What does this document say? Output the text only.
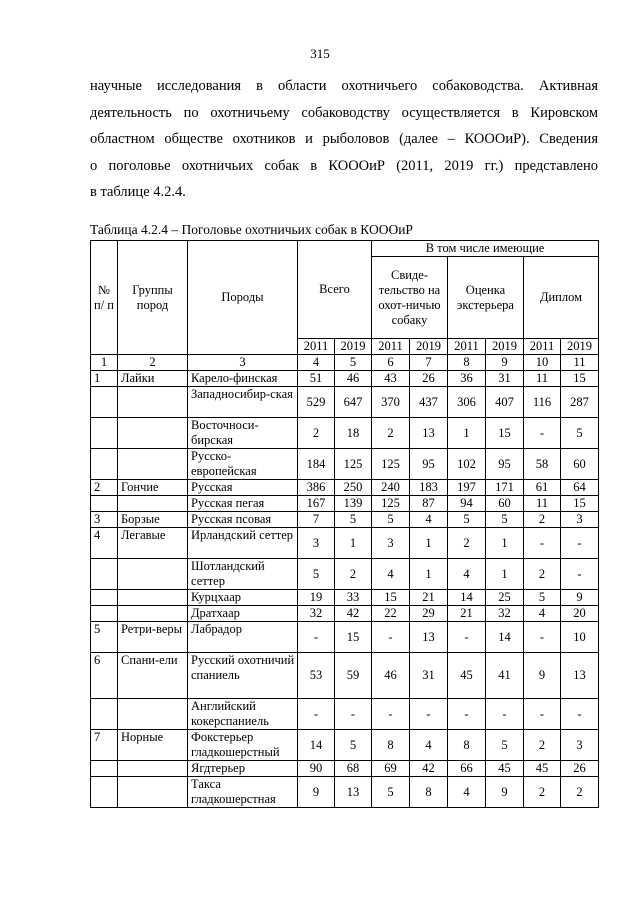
315
научные исследования в области охотничьего собаководства. Активная
деятельность по охотничьему собаководству осуществляется в Кировском
областном обществе охотников и рыболовов (далее – КОООиР). Сведения
о поголовье охотничьих собак в КОООиР (2011, 2019 гг.) представлено
в таблице 4.2.4.
Таблица 4.2.4 – Поголовье охотничьих собак в КОООиР
№ п/ п	Группы пород	Породы	Всего		В том числе имеющие					
					Свиде-тельство на охот-ничью собаку		Оценка экстерьера		Диплом	
			2011	2019	2011	2019	2011	2019	2011	2019
1	2	3	4	5	6	7	8	9	10	11
1	Лайки	Карело-финская	51	46	43	26	36	31	11	15
		Западносибир-ская	529	647	370	437	306	407	116	287
		Восточноси-бирская	2	18	2	13	1	15	-	5
		Русско-европейская	184	125	125	95	102	95	58	60
2	Гончие	Русская	386	250	240	183	197	171	61	64
		Русская пегая	167	139	125	87	94	60	11	15
3	Борзые	Русская псовая	7	5	5	4	5	5	2	3
4	Легавые	Ирландский сеттер	3	1	3	1	2	1	-	-
		Шотландский сеттер	5	2	4	1	4	1	2	-
		Курцхаар	19	33	15	21	14	25	5	9
		Дратхаар	32	42	22	29	21	32	4	20
5	Ретри-веры	Лабрадор	-	15	-	13	-	14	-	10
6	Спани-ели	Русский охотничий спаниель	53	59	46	31	45	41	9	13
		Английский кокерспаниель	-	-	-	-	-	-	-	-
7	Норные	Фокстерьер гладкошерстный	14	5	8	4	8	5	2	3
		Ягдтерьер	90	68	69	42	66	45	45	26
		Такса гладкошерстная	9	13	5	8	4	9	2	2
